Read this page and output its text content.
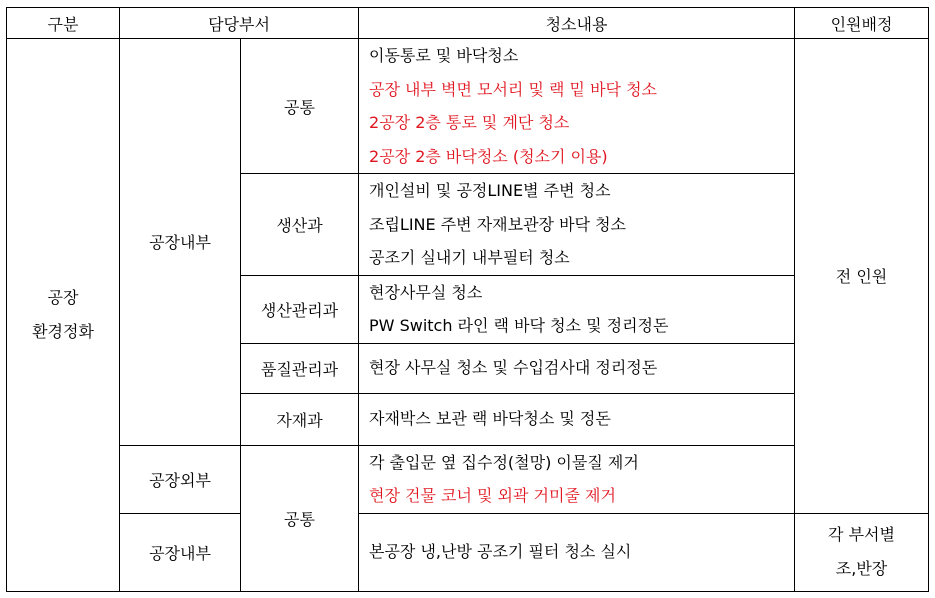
구분	담당부서		청소내용	인원배정

공장
환경정화	공장내부	공통	이동통로 및 바닥청소
공장 내부 벽면 모서리 및 랙 밑 바닥 청소
2공장 2층 통로 및 계단 청소
2공장 2층 바닥청소 (청소기 이용)	전 인원
		생산과	개인설비 및 공정LINE별 주변 청소
조립LINE 주변 자재보관장 바닥 청소
공조기 실내기 내부필터 청소	

		생산관리과	현장사무실 청소
PW Switch 라인 랙 바닥 청소 및 정리정돈	

		품질관리과	현장 사무실 청소 및 수입검사대 정리정돈	

		자재과	자재박스 보관 랙 바닥청소 및 정돈	

	공장외부	공통	각 출입문 옆 집수정(철망) 이물질 제거
현장 건물 코너 및 외곽 거미줄 제거	

	공장내부		본공장 냉,난방 공조기 필터 청소 실시	각 부서별
조,반장
